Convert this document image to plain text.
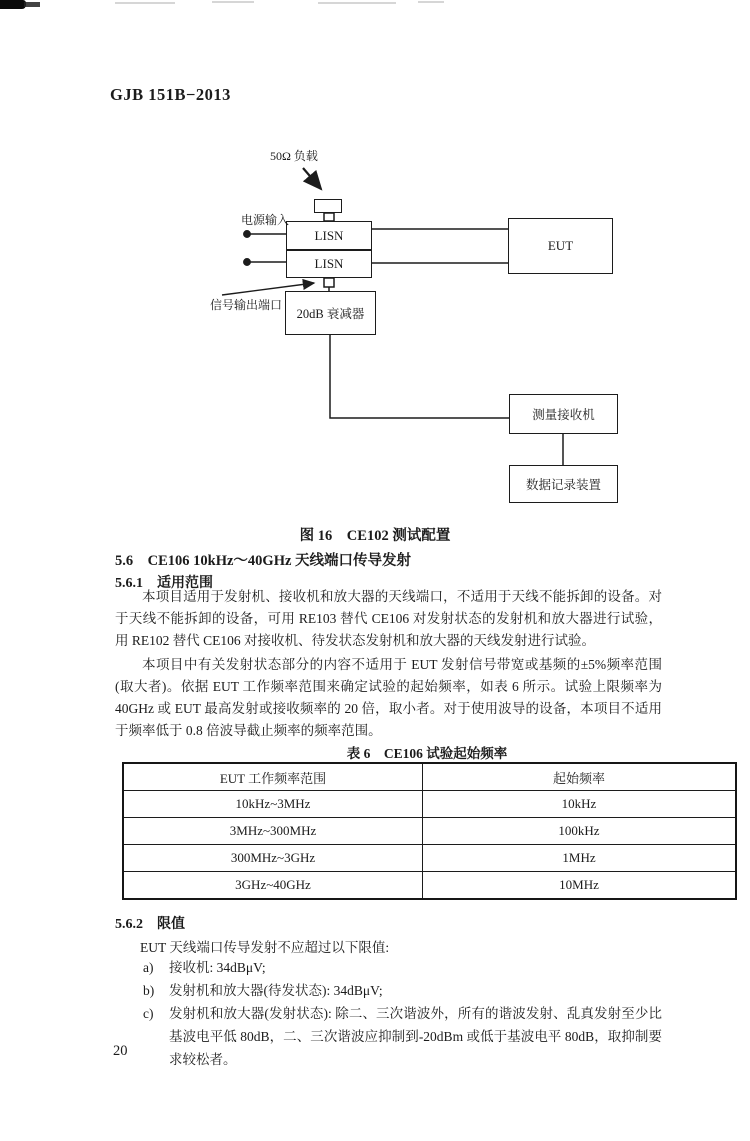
GJB 151B−2013
LISN
LISN
EUT
20dB 衰减器
测量接收机
数据记录装置
50Ω 负载
电源输入
信号输出端口
图 16　CE102 测试配置
5.6　CE106 10kHz～40GHz 天线端口传导发射
5.6.1　适用范围
本项目适用于发射机、接收机和放大器的天线端口，不适用于天线不能拆卸的设备。对于天线不能拆卸的设备，可用 RE103 替代 CE106 对发射状态的发射机和放大器进行试验，用 RE102 替代 CE106 对接收机、待发状态发射机和放大器的天线发射进行试验。
本项目中有关发射状态部分的内容不适用于 EUT 发射信号带宽或基频的±5%频率范围(取大者)。依据 EUT 工作频率范围来确定试验的起始频率，如表 6 所示。试验上限频率为 40GHz 或 EUT 最高发射或接收频率的 20 倍，取小者。对于使用波导的设备，本项目不适用于频率低于 0.8 倍波导截止频率的频率范围。
表 6　CE106 试验起始频率
EUT 工作频率范围	起始频率
10kHz~3MHz	10kHz
3MHz~300MHz	100kHz
300MHz~3GHz	1MHz
3GHz~40GHz	10MHz
5.6.2　限值
EUT 天线端口传导发射不应超过以下限值:
a)	接收机: 34dBμV;
b)	发射机和放大器(待发状态): 34dBμV;
c)	发射机和放大器(发射状态): 除二、三次谐波外，所有的谐波发射、乱真发射至少比基波电平低 80dB，二、三次谐波应抑制到-20dBm 或低于基波电平 80dB，取抑制要求较松者。
20
